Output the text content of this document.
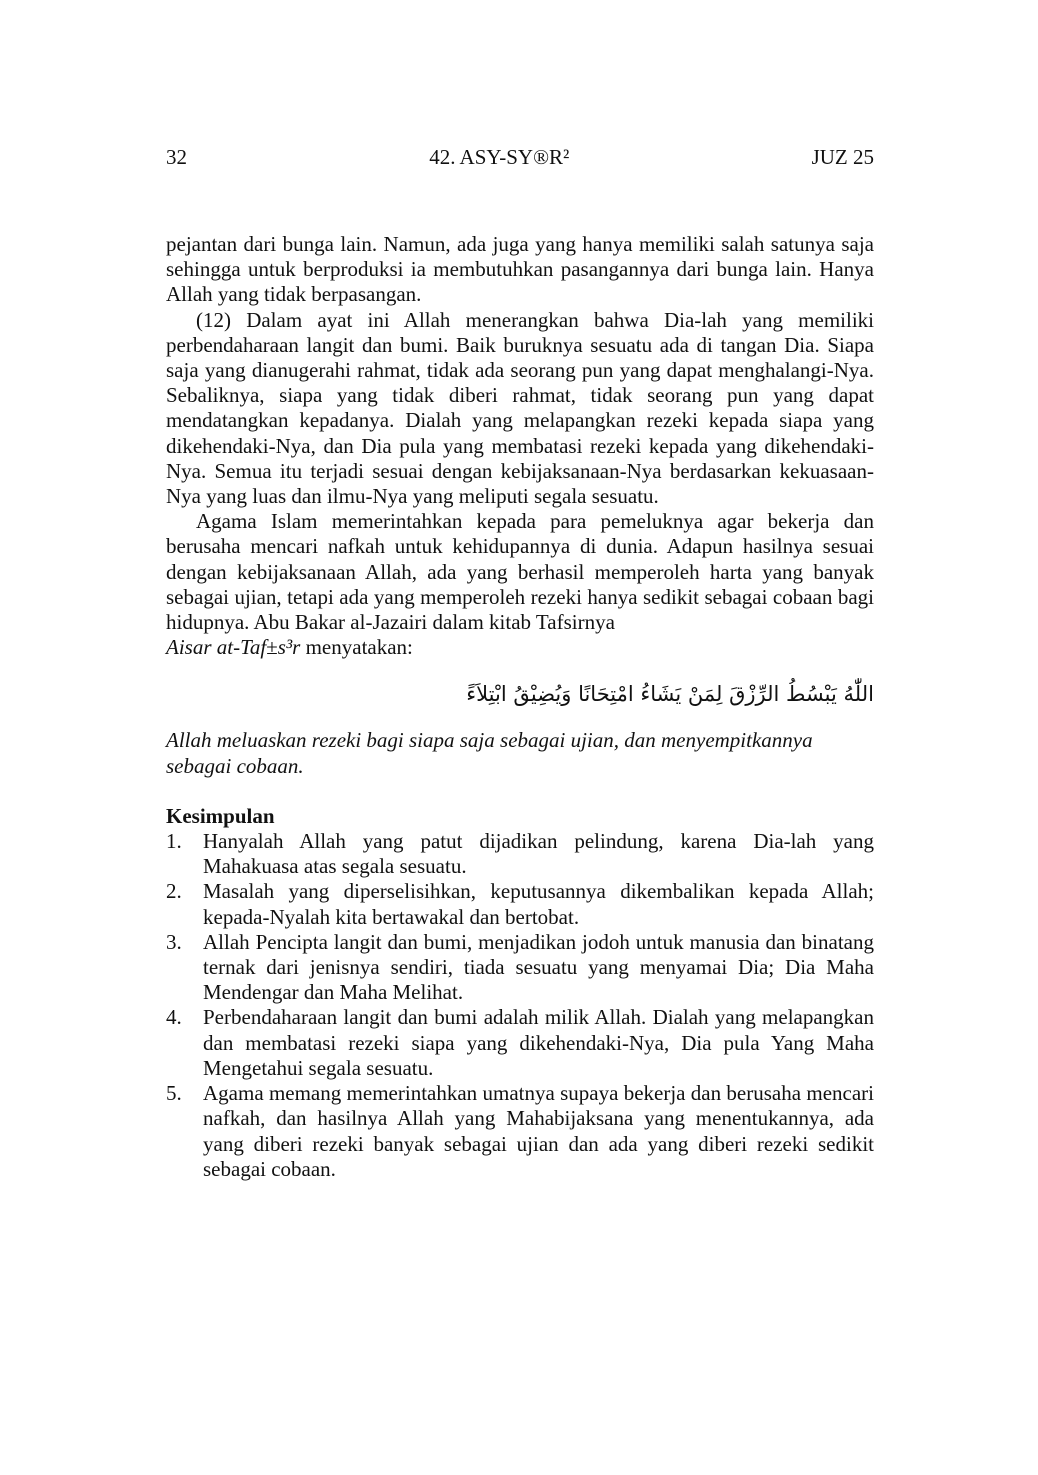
32	42. ASY-SY®R²	JUZ 25

pejantan dari bunga lain. Namun, ada juga yang hanya memiliki salah satunya saja sehingga untuk berproduksi ia membutuhkan pasangannya dari bunga lain. Hanya Allah yang tidak berpasangan.

(12) Dalam ayat ini Allah menerangkan bahwa Dia-lah yang memiliki perbendaharaan langit dan bumi. Baik buruknya sesuatu ada di tangan Dia. Siapa saja yang dianugerahi rahmat, tidak ada seorang pun yang dapat menghalangi-Nya. Sebaliknya, siapa yang tidak diberi rahmat, tidak seorang pun yang dapat mendatangkan kepadanya. Dialah yang melapangkan rezeki kepada siapa yang dikehendaki-Nya, dan Dia pula yang membatasi rezeki kepada yang dikehendaki-Nya. Semua itu terjadi sesuai dengan kebijaksanaan-Nya berdasarkan kekuasaan-Nya yang luas dan ilmu-Nya yang meliputi segala sesuatu.

Agama Islam memerintahkan kepada para pemeluknya agar bekerja dan berusaha mencari nafkah untuk kehidupannya di dunia. Adapun hasilnya sesuai dengan kebijaksanaan Allah, ada yang berhasil memperoleh harta yang banyak sebagai ujian, tetapi ada yang memperoleh rezeki hanya sedikit sebagai cobaan bagi hidupnya. Abu Bakar al-Jazairi dalam kitab Tafsirnya

Aisar at-Taf±s³r menyatakan:

اللّٰهُ يَبْسُطُ الرِّزْقَ لِمَنْ يَشَاءُ امْتِحَانًا وَيُضِيْقُ ابْتِلاَءً

Allah meluaskan rezeki bagi siapa saja sebagai ujian, dan menyempitkannya sebagai cobaan.

Kesimpulan
1.	Hanyalah Allah yang patut dijadikan pelindung, karena Dia-lah yang Mahakuasa atas segala sesuatu.
2.	Masalah yang diperselisihkan, keputusannya dikembalikan kepada Allah; kepada-Nyalah kita bertawakal dan bertobat.
3.	Allah Pencipta langit dan bumi, menjadikan jodoh untuk manusia dan binatang ternak dari jenisnya sendiri, tiada sesuatu yang menyamai Dia; Dia Maha Mendengar dan Maha Melihat.
4.	Perbendaharaan langit dan bumi adalah milik Allah. Dialah yang melapangkan dan membatasi rezeki siapa yang dikehendaki-Nya, Dia pula Yang Maha Mengetahui segala sesuatu.
5.	Agama memang memerintahkan umatnya supaya bekerja dan berusaha mencari nafkah, dan hasilnya Allah yang Mahabijaksana yang menentukannya, ada yang diberi rezeki banyak sebagai ujian dan ada yang diberi rezeki sedikit sebagai cobaan.
